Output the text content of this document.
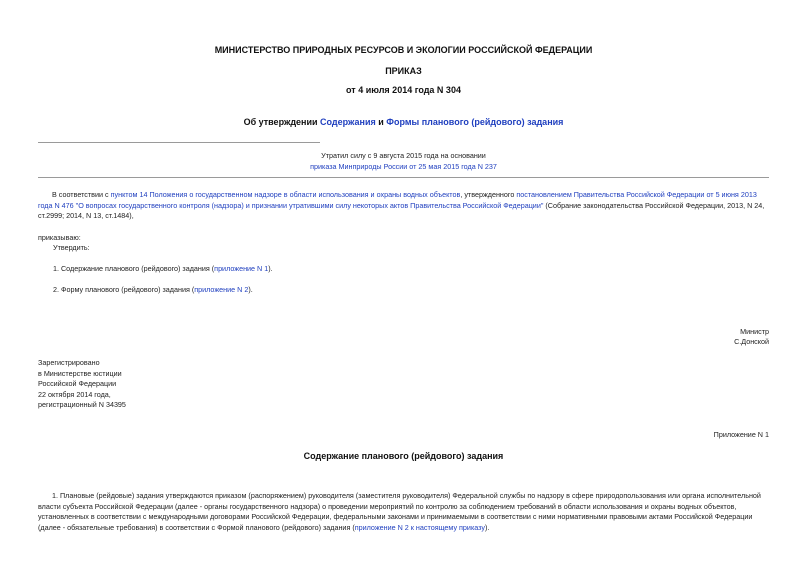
МИНИСТЕРСТВО ПРИРОДНЫХ РЕСУРСОВ И ЭКОЛОГИИ РОССИЙСКОЙ ФЕДЕРАЦИИ
ПРИКАЗ
от 4 июля 2014 года N 304
Об утверждении Содержания и Формы планового (рейдового) задания
Утратил силу с 9 августа 2015 года на основании
приказа Минприроды России от 25 мая 2015 года N 237
В соответствии с пунктом 14 Положения о государственном надзоре в области использования и охраны водных объектов, утвержденного постановлением Правительства Российской Федерации от 5 июня 2013 года N 476 "О вопросах государственного контроля (надзора) и признании утратившими силу некоторых актов Правительства Российской Федерации" (Собрание законодательства Российской Федерации, 2013, N 24, ст.2999; 2014, N 13, ст.1484),
приказываю:
Утвердить:
1. Содержание планового (рейдового) задания (приложение N 1).
2. Форму планового (рейдового) задания (приложение N 2).
Министр
С.Донской
Зарегистрировано
в Министерстве юстиции
Российской Федерации
22 октября 2014 года,
регистрационный N 34395
Приложение N 1
Содержание планового (рейдового) задания
1. Плановые (рейдовые) задания утверждаются приказом (распоряжением) руководителя (заместителя руководителя) Федеральной службы по надзору в сфере природопользования или органа исполнительной власти субъекта Российской Федерации (далее - органы государственного надзора) о проведении мероприятий по контролю за соблюдением требований в области использования и охраны водных объектов, установленных в соответствии с международными договорами Российской Федерации, федеральными законами и принимаемыми в соответствии с ними нормативными правовыми актами Российской Федерации (далее - обязательные требования) в соответствии с Формой планового (рейдового) задания (приложение N 2 к настоящему приказу).
